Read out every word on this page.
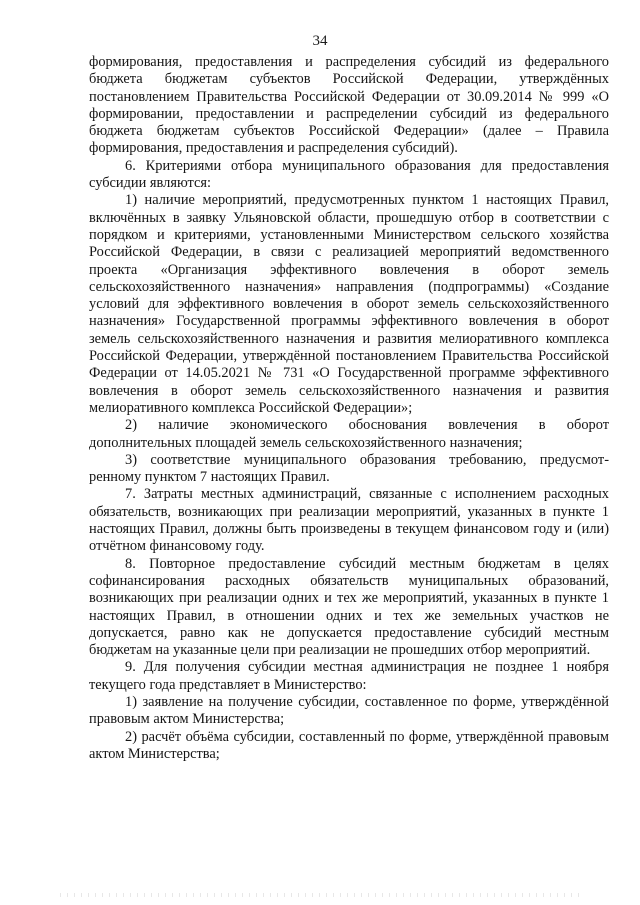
34

формирования, предоставления и распределения субсидий из федерального бюджета бюджетам субъектов Российской Федерации, утверждённых постановлением Правительства Российской Федерации от 30.09.2014 № 999 «О формировании, предоставлении и распределении субсидий из федерального бюджета бюджетам субъектов Российской Федерации» (далее – Правила формирования, предоставления и распределения субсидий).

6. Критериями отбора муниципального образования для предоставления субсидии являются:

1) наличие мероприятий, предусмотренных пунктом 1 настоящих Правил, включённых в заявку Ульяновской области, прошедшую отбор в соответствии с порядком и критериями, установленными Министерством сельского хозяйства Российской Федерации, в связи с реализацией мероприятий ведомственного проекта «Организация эффективного вовлечения в оборот земель сельскохозяйственного назначения» направления (подпрограммы) «Создание условий для эффективного вовлечения в оборот земель сельскохозяйственного назначения» Государственной программы эффективного вовлечения в оборот земель сельскохозяйственного назначения и развития мелиоративного комплекса Российской Федерации, утверждённой постановлением Правительства Российской Федерации от 14.05.2021 № 731 «О Государственной программе эффективного вовлечения в оборот земель сельскохозяйственного назначения и развития мелиоративного комплекса Российской Федерации»;

2) наличие экономического обоснования вовлечения в оборот дополнительных площадей земель сельскохозяйственного назначения;

3) соответствие муниципального образования требованию, предусмот-ренному пунктом 7 настоящих Правил.

7. Затраты местных администраций, связанные с исполнением расходных обязательств, возникающих при реализации мероприятий, указанных в пункте 1 настоящих Правил, должны быть произведены в текущем финансовом году и (или) отчётном финансовому году.

8. Повторное предоставление субсидий местным бюджетам в целях софинансирования расходных обязательств муниципальных образований, возникающих при реализации одних и тех же мероприятий, указанных в пункте 1 настоящих Правил, в отношении одних и тех же земельных участков не допускается, равно как не допускается предоставление субсидий местным бюджетам на указанные цели при реализации не прошедших отбор мероприятий.

9. Для получения субсидии местная администрация не позднее 1 ноября текущего года представляет в Министерство:

1) заявление на получение субсидии, составленное по форме, утверждённой правовым актом Министерства;

2) расчёт объёма субсидии, составленный по форме, утверждённой правовым актом Министерства;
